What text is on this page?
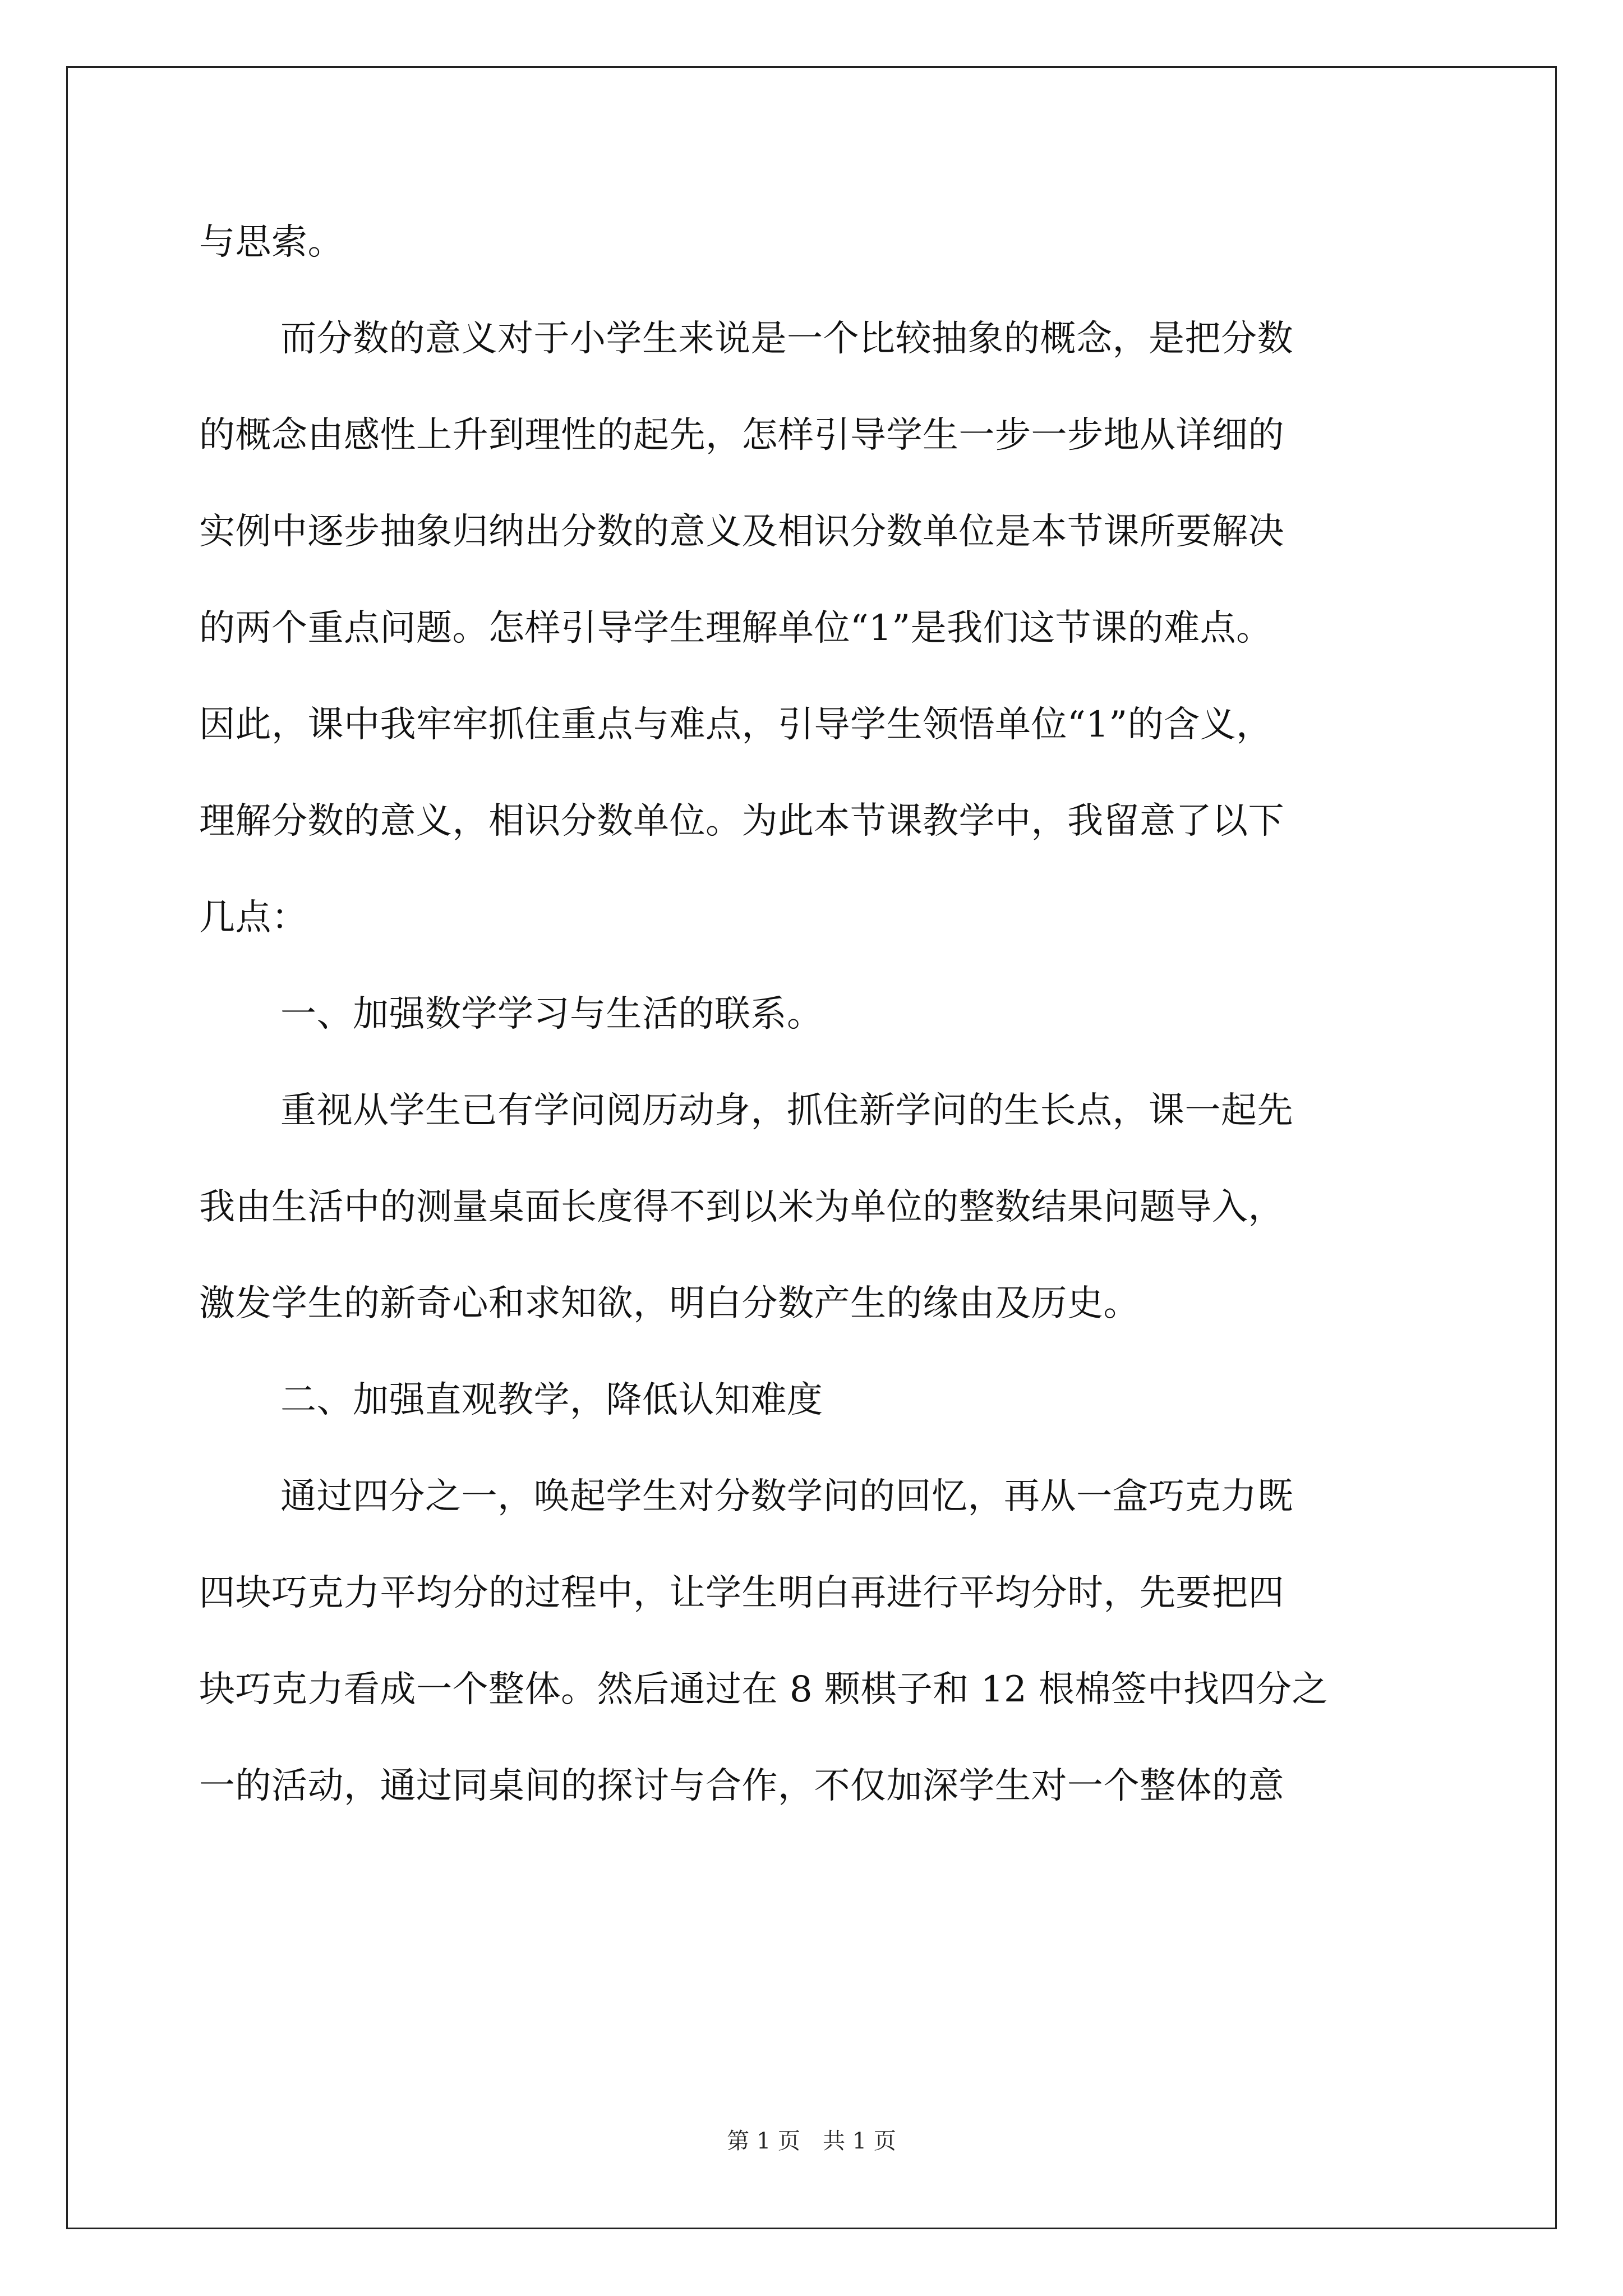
与思索。
而分数的意义对于小学生来说是一个比较抽象的概念，是把分数
的概念由感性上升到理性的起先，怎样引导学生一步一步地从详细的
实例中逐步抽象归纳出分数的意义及相识分数单位是本节课所要解决
的两个重点问题。怎样引导学生理解单位“1”是我们这节课的难点。
因此，课中我牢牢抓住重点与难点，引导学生领悟单位“1”的含义，
理解分数的意义，相识分数单位。为此本节课教学中，我留意了以下
几点：
一、加强数学学习与生活的联系。
重视从学生已有学问阅历动身，抓住新学问的生长点，课一起先
我由生活中的测量桌面长度得不到以米为单位的整数结果问题导入，
激发学生的新奇心和求知欲，明白分数产生的缘由及历史。
二、加强直观教学，降低认知难度
通过四分之一，唤起学生对分数学问的回忆，再从一盒巧克力既
四块巧克力平均分的过程中，让学生明白再进行平均分时，先要把四
块巧克力看成一个整体。然后通过在 8 颗棋子和 12 根棉签中找四分之
一的活动，通过同桌间的探讨与合作，不仅加深学生对一个整体的意
第 1 页　共 1 页
